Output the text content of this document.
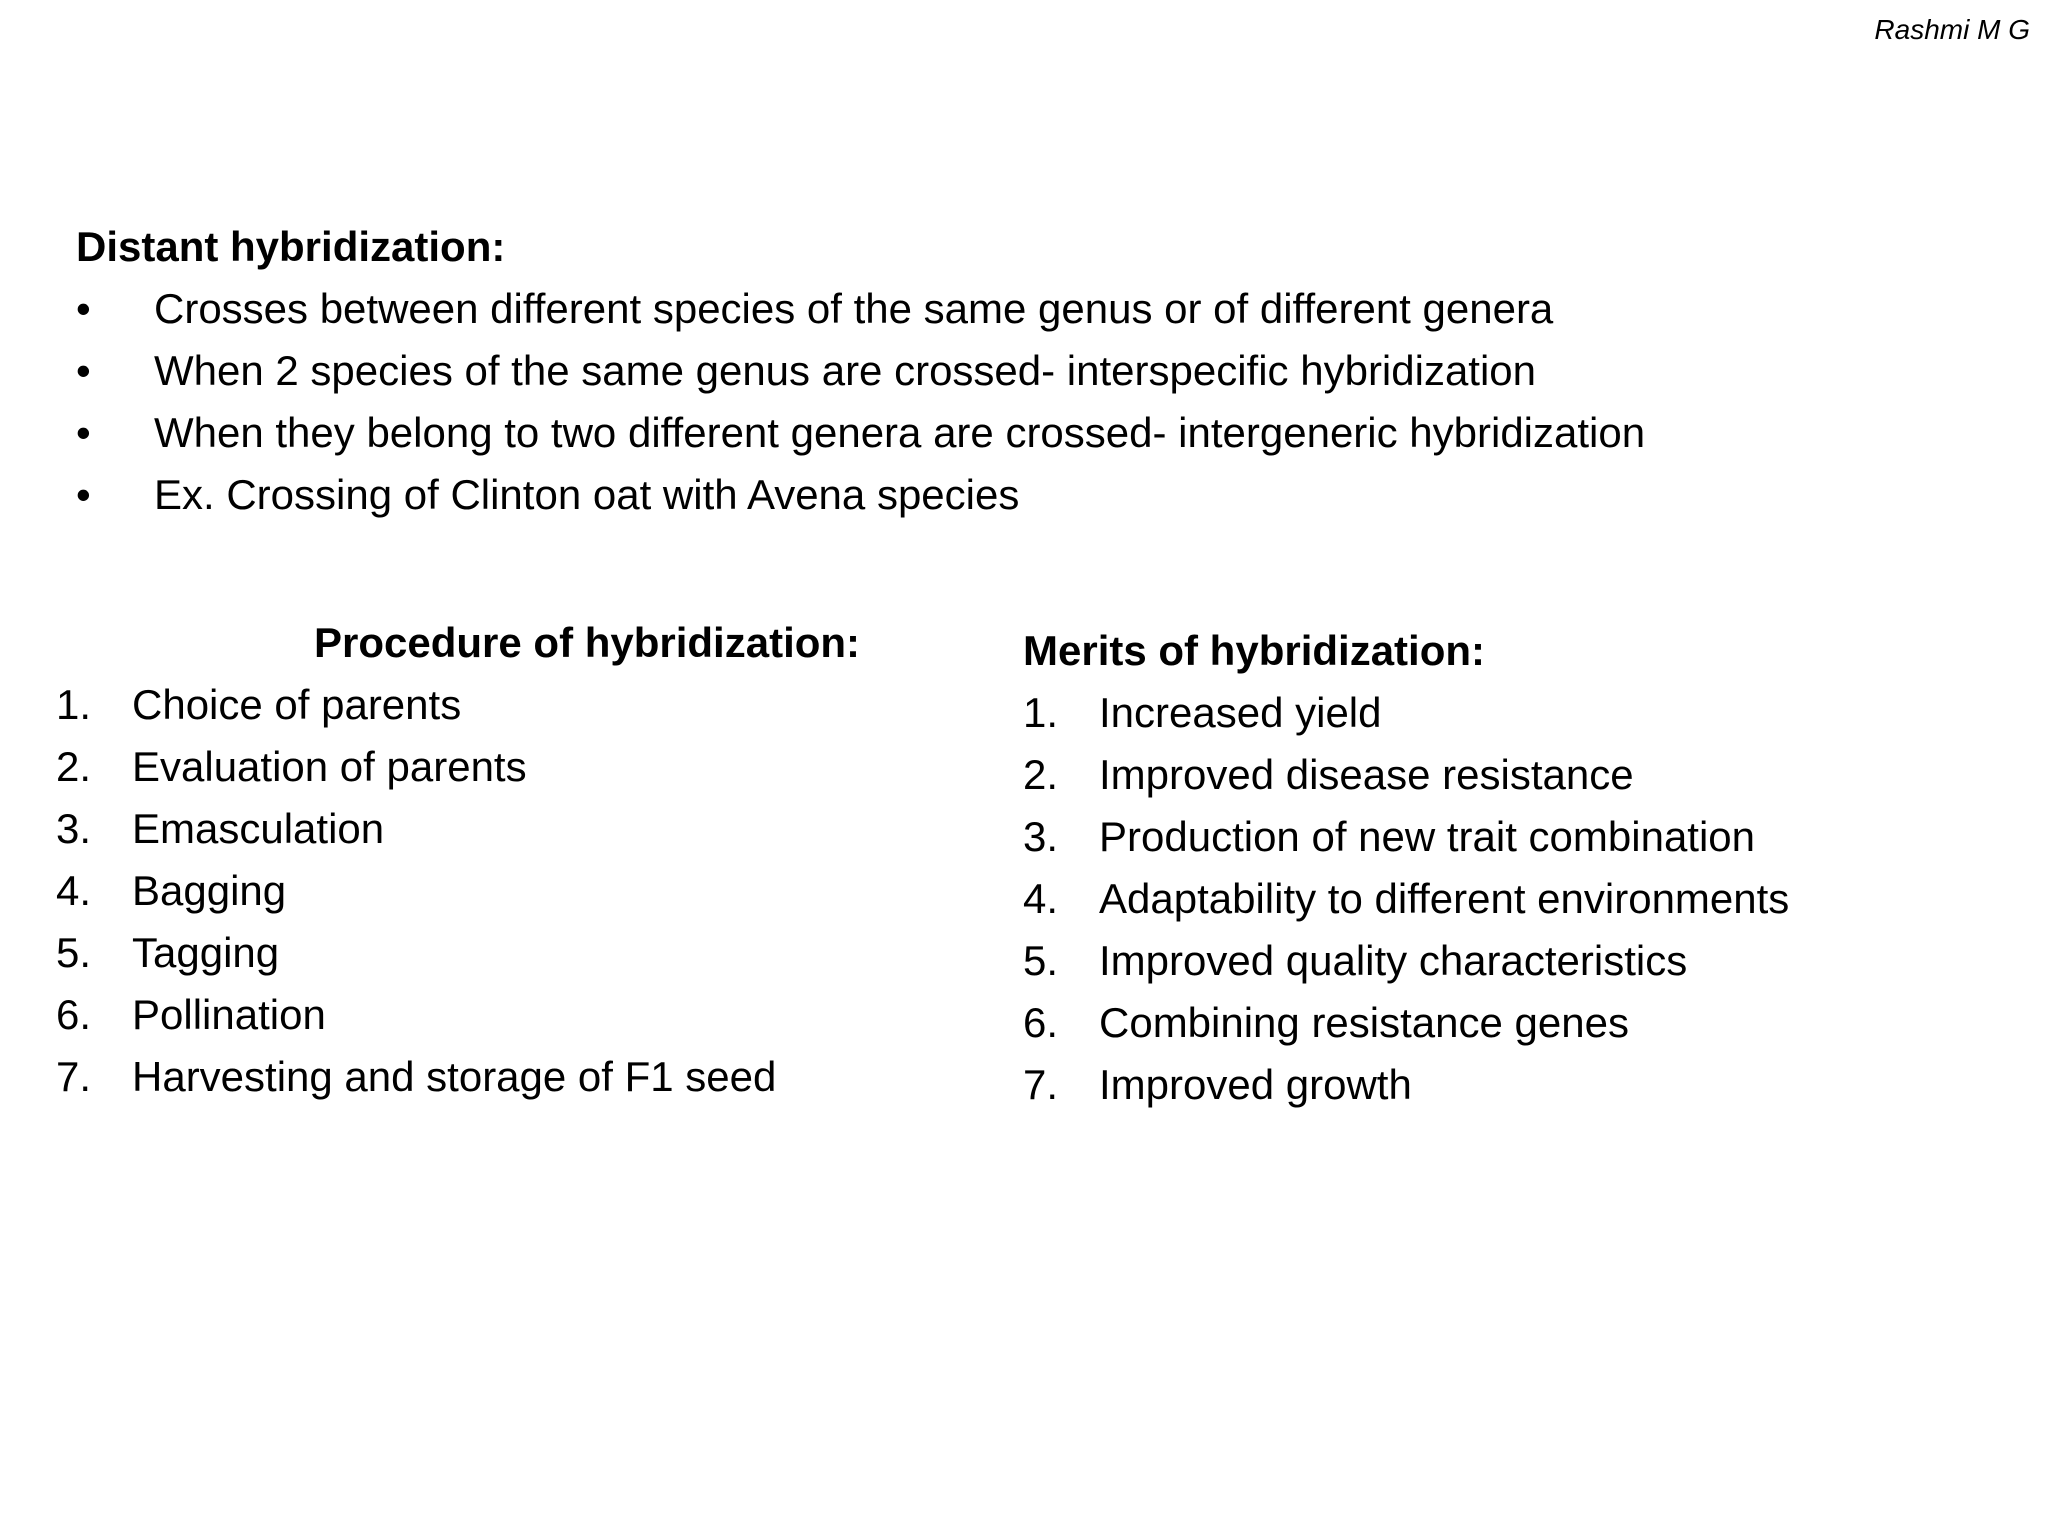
Rashmi M G
Distant hybridization:
•	Crosses between different species of the same genus or of different genera
•	When 2 species of the same genus are crossed- interspecific hybridization
•	When they belong to two different genera are crossed- intergeneric hybridization
•	Ex. Crossing of Clinton oat with Avena species
Procedure of hybridization:
1. Choice of parents
2. Evaluation of parents
3. Emasculation
4. Bagging
5. Tagging
6. Pollination
7. Harvesting and storage of F1 seed
Merits of hybridization:
1. Increased yield
2. Improved disease resistance
3. Production of new trait combination
4. Adaptability to different environments
5. Improved quality characteristics
6. Combining resistance genes
7. Improved growth
